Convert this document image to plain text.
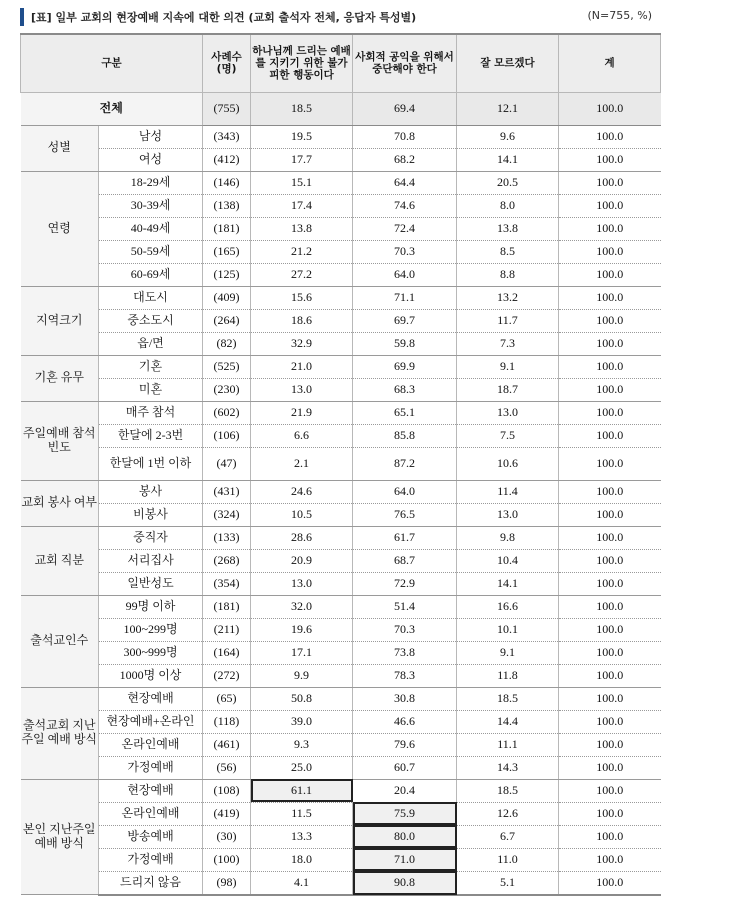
[표] 일부 교회의 현장예배 지속에 대한 의견 (교회 출석자 전체, 응답자 특성별)	(N=755, %)
구분		사례수 (명)	하나님께 드리는 예배를 지키기 위한 불가피한 행동이다	사회적 공익을 위해서 중단해야 한다	잘 모르겠다	계
전체		(755)	18.5	69.4	12.1	100.0
성별	남성	(343)	19.5	70.8	9.6	100.0
	여성	(412)	17.7	68.2	14.1	100.0
연령	18-29세	(146)	15.1	64.4	20.5	100.0
	30-39세	(138)	17.4	74.6	8.0	100.0
	40-49세	(181)	13.8	72.4	13.8	100.0
	50-59세	(165)	21.2	70.3	8.5	100.0
	60-69세	(125)	27.2	64.0	8.8	100.0
지역크기	대도시	(409)	15.6	71.1	13.2	100.0
	중소도시	(264)	18.6	69.7	11.7	100.0
	읍/면	(82)	32.9	59.8	7.3	100.0
기혼 유무	기혼	(525)	21.0	69.9	9.1	100.0
	미혼	(230)	13.0	68.3	18.7	100.0
주일예배 참석빈도	매주 참석	(602)	21.9	65.1	13.0	100.0
	한달에 2-3번	(106)	6.6	85.8	7.5	100.0
	한달에 1번 이하	(47)	2.1	87.2	10.6	100.0
교회 봉사 여부	봉사	(431)	24.6	64.0	11.4	100.0
	비봉사	(324)	10.5	76.5	13.0	100.0
교회 직분	중직자	(133)	28.6	61.7	9.8	100.0
	서리집사	(268)	20.9	68.7	10.4	100.0
	일반성도	(354)	13.0	72.9	14.1	100.0
출석교인수	99명 이하	(181)	32.0	51.4	16.6	100.0
	100~299명	(211)	19.6	70.3	10.1	100.0
	300~999명	(164)	17.1	73.8	9.1	100.0
	1000명 이상	(272)	9.9	78.3	11.8	100.0
출석교회 지난주일 예배 방식	현장예배	(65)	50.8	30.8	18.5	100.0
	현장예배+온라인	(118)	39.0	46.6	14.4	100.0
	온라인예배	(461)	9.3	79.6	11.1	100.0
	가정예배	(56)	25.0	60.7	14.3	100.0
본인 지난주일 예배 방식	현장예배	(108)	61.1	20.4	18.5	100.0
	온라인예배	(419)	11.5	75.9	12.6	100.0
	방송예배	(30)	13.3	80.0	6.7	100.0
	가정예배	(100)	18.0	71.0	11.0	100.0
	드리지 않음	(98)	4.1	90.8	5.1	100.0
